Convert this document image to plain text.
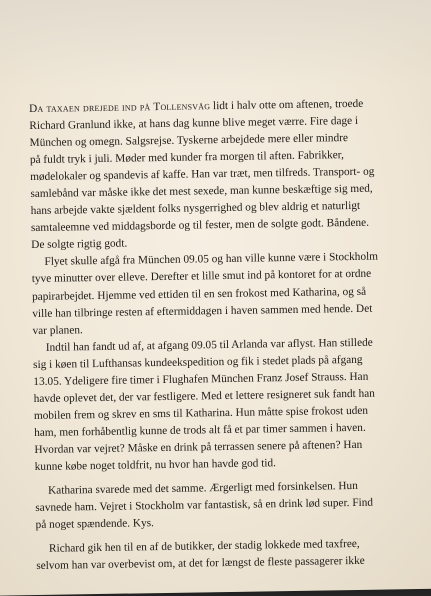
Da taxaen drejede ind på Tollensväg lidt i halv otte om aftenen, troede
Richard Granlund ikke, at hans dag kunne blive meget værre. Fire dage i
München og omegn. Salgsrejse. Tyskerne arbejdede mere eller mindre
på fuldt tryk i juli. Møder med kunder fra morgen til aften. Fabrikker,
mødelokaler og spandevis af kaffe. Han var træt, men tilfreds. Transport- og
samlebånd var måske ikke det mest sexede, man kunne beskæftige sig med,
hans arbejde vakte sjældent folks nysgerrighed og blev aldrig et naturligt
samtaleemne ved middagsborde og til fester, men de solgte godt. Båndene.
De solgte rigtig godt.
Flyet skulle afgå fra München 09.05 og han ville kunne være i Stockholm
tyve minutter over elleve. Derefter et lille smut ind på kontoret for at ordne
papirarbejdet. Hjemme ved ettiden til en sen frokost med Katharina, og så
ville han tilbringe resten af eftermiddagen i haven sammen med hende. Det
var planen.
Indtil han fandt ud af, at afgang 09.05 til Arlanda var aflyst. Han stillede
sig i køen til Lufthansas kundeekspedition og fik i stedet plads på afgang
13.05. Ydeligere fire timer i Flughafen München Franz Josef Strauss. Han
havde oplevet det, der var festligere. Med et lettere resigneret suk fandt han
mobilen frem og skrev en sms til Katharina. Hun måtte spise frokost uden
ham, men forhåbentlig kunne de trods alt få et par timer sammen i haven.
Hvordan var vejret? Måske en drink på terrassen senere på aftenen? Han
kunne købe noget toldfrit, nu hvor han havde god tid.
Katharina svarede med det samme. Ærgerligt med forsinkelsen. Hun
savnede ham. Vejret i Stockholm var fantastisk, så en drink lød super. Find
på noget spændende. Kys.
Richard gik hen til en af de butikker, der stadig lokkede med taxfree,
selvom han var overbevist om, at det for længst de fleste passagerer ikke
